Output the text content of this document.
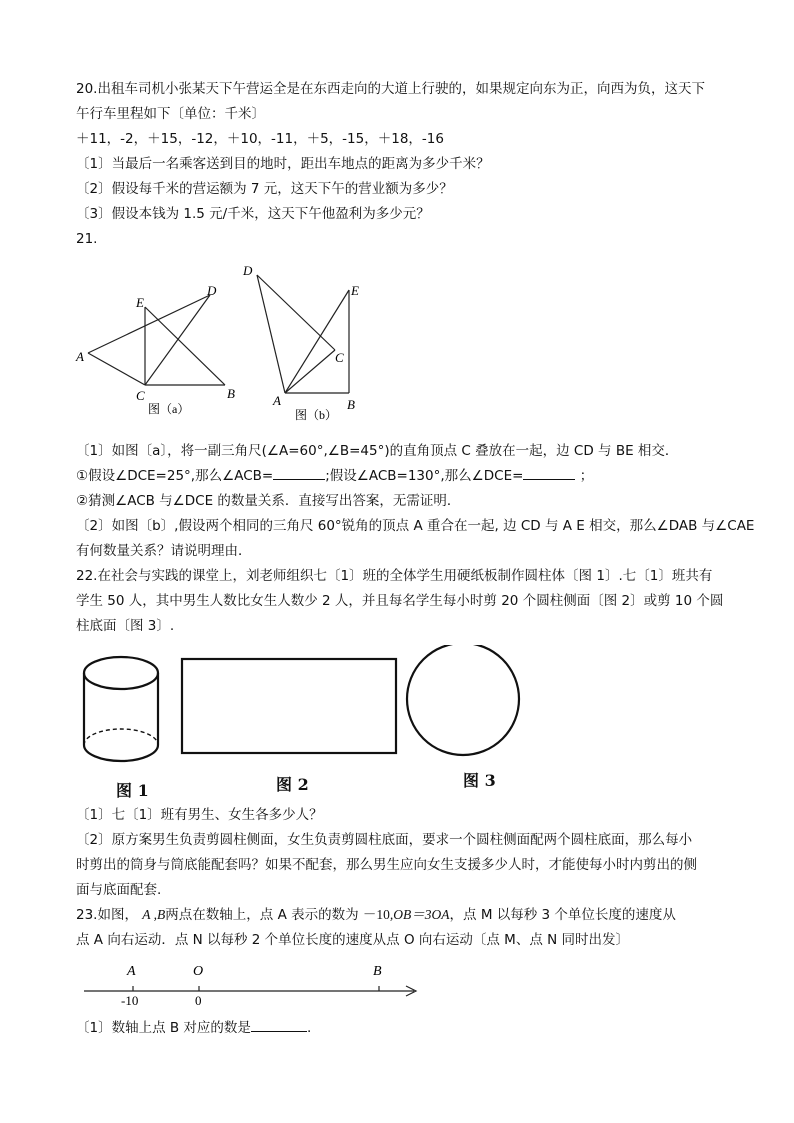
20.出租车司机小张某天下午营运全是在东西走向的大道上行驶的，如果规定向东为正，向西为负，这天下
午行车里程如下〔单位：千米〕
＋11，-2，＋15，-12，＋10，-11，＋5，-15，＋18，-16
〔1〕当最后一名乘客送到目的地时，距出车地点的距离为多少千米？
〔2〕假设每千米的营运额为 7 元，这天下午的营业额为多少？
〔3〕假设本钱为 1.5 元/千米，这天下午他盈利为多少元？
21.
E
D
A
C	B
图（a）
D
E
C
A	B
图（b）
〔1〕如图〔a〕，将一副三角尺(∠A=60°,∠B=45°)的直角顶点 C 叠放在一起，边 CD 与 BE 相交．
①假设∠DCE=25°,那么∠ACB=	;假设∠ACB=130°,那么∠DCE=	；
②猜测∠ACB 与∠DCE 的数量关系．直接写出答案，无需证明．
〔2〕如图〔b〕,假设两个相同的三角尺 60°锐角的顶点 A 重合在一起, 边 CD 与 A E 相交，那么∠DAB 与∠CAE
有何数量关系？请说明理由．
22.在社会与实践的课堂上，刘老师组织七〔1〕班的全体学生用硬纸板制作圆柱体〔图 1〕.七〔1〕班共有
学生 50 人，其中男生人数比女生人数少 2 人，并且每名学生每小时剪 20 个圆柱侧面〔图 2〕或剪 10 个圆
柱底面〔图 3〕.
图 1	图 2	图 3
〔1〕七〔1〕班有男生、女生各多少人？
〔2〕原方案男生负责剪圆柱侧面，女生负责剪圆柱底面，要求一个圆柱侧面配两个圆柱底面，那么每小
时剪出的筒身与筒底能配套吗？如果不配套，那么男生应向女生支援多少人时，才能使每小时内剪出的侧
面与底面配套.
23.如图， A ,B两点在数轴上，点 A 表示的数为 －10,OB＝3OA，点 M 以每秒 3 个单位长度的速度从
点 A 向右运动．点 N 以每秒 2 个单位长度的速度从点 O 向右运动〔点 M、点 N 同时出发〕
A	O	B
-10	0
〔1〕数轴上点 B 对应的数是	.
